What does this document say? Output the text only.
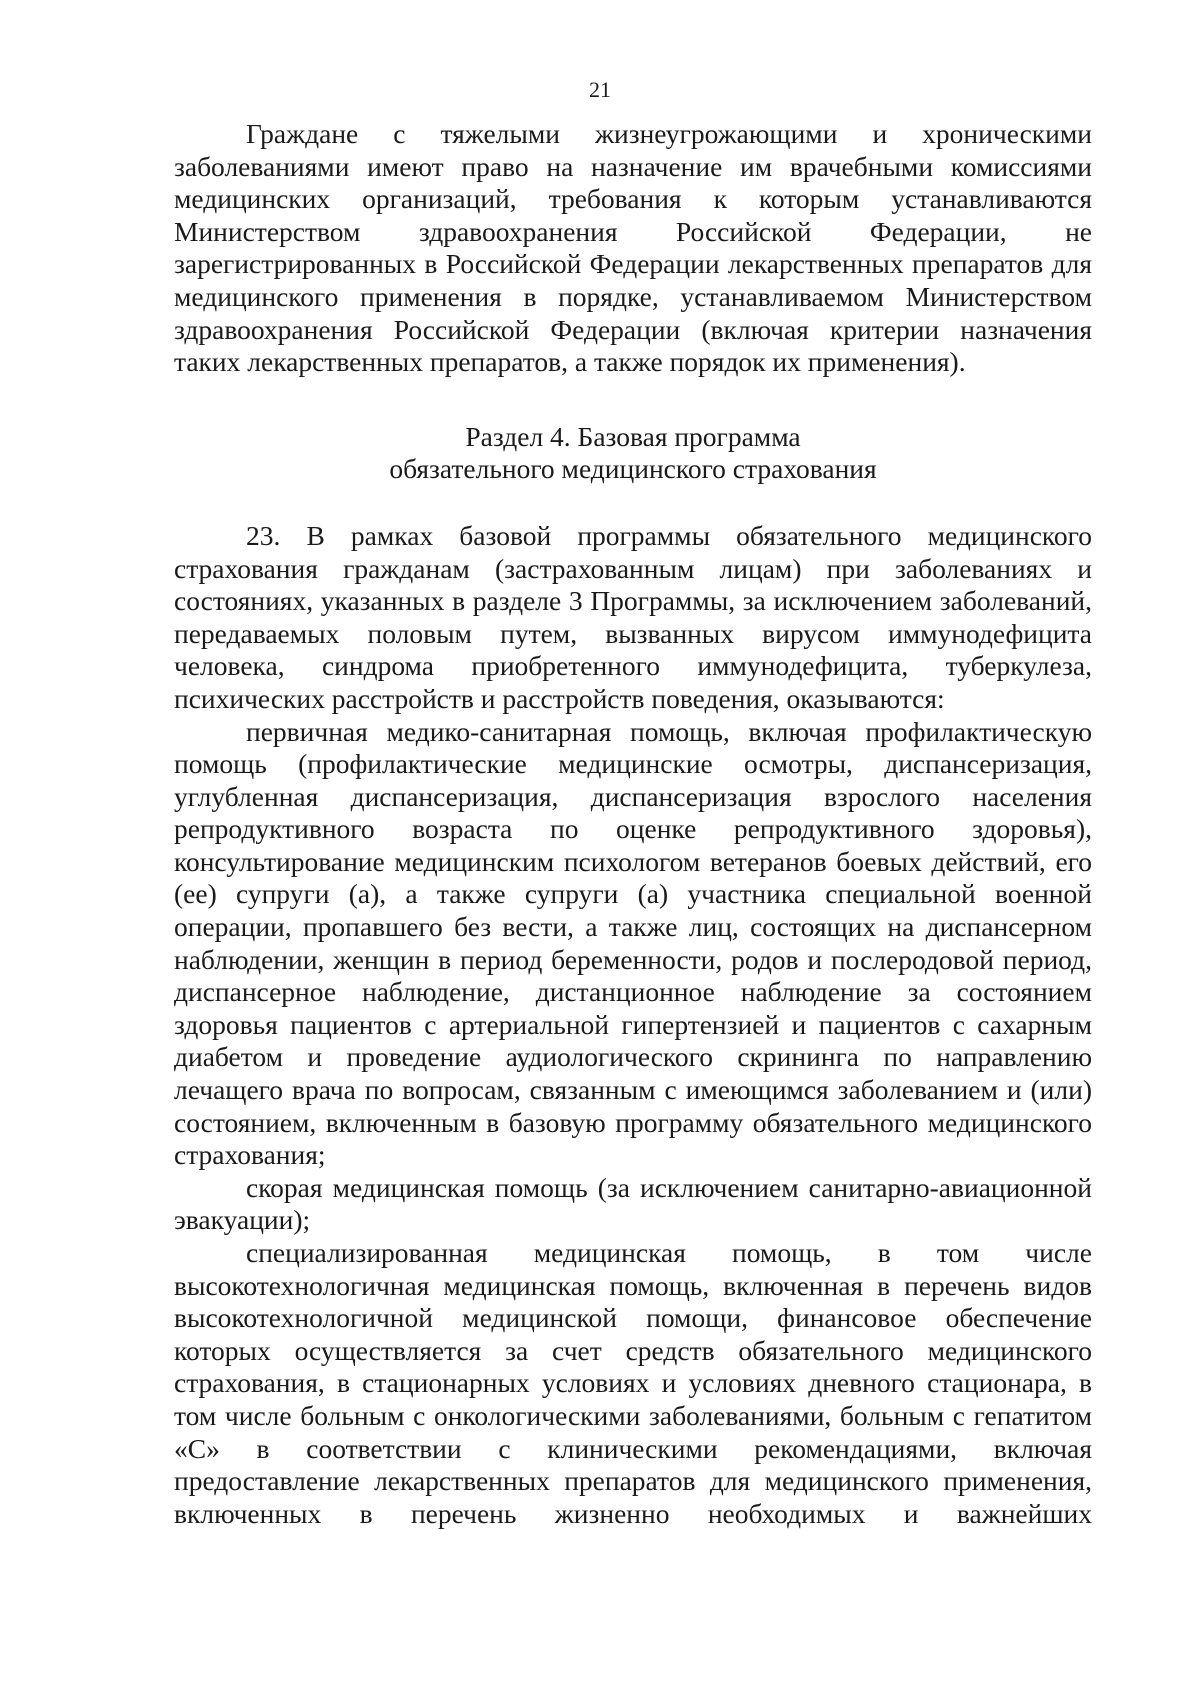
21

Граждане с тяжелыми жизнеугрожающими и хроническими заболеваниями имеют право на назначение им врачебными комиссиями медицинских организаций, требования к которым устанавливаются Министерством здравоохранения Российской Федерации, не зарегистрированных в Российской Федерации лекарственных препаратов для медицинского применения в порядке, устанавливаемом Министерством здравоохранения Российской Федерации (включая критерии назначения таких лекарственных препаратов, а также порядок их применения).

Раздел 4. Базовая программа
обязательного медицинского страхования

23. В рамках базовой программы обязательного медицинского страхования гражданам (застрахованным лицам) при заболеваниях и состояниях, указанных в разделе 3 Программы, за исключением заболеваний, передаваемых половым путем, вызванных вирусом иммунодефицита человека, синдрома приобретенного иммунодефицита, туберкулеза, психических расстройств и расстройств поведения, оказываются:

первичная медико-санитарная помощь, включая профилактическую помощь (профилактические медицинские осмотры, диспансеризация, углубленная диспансеризация, диспансеризация взрослого населения репродуктивного возраста по оценке репродуктивного здоровья), консультирование медицинским психологом ветеранов боевых действий, его (ее) супруги (а), а также супруги (а) участника специальной военной операции, пропавшего без вести, а также лиц, состоящих на диспансерном наблюдении, женщин в период беременности, родов и послеродовой период, диспансерное наблюдение, дистанционное наблюдение за состоянием здоровья пациентов с артериальной гипертензией и пациентов с сахарным диабетом и проведение аудиологического скрининга по направлению лечащего врача по вопросам, связанным с имеющимся заболеванием и (или) состоянием, включенным в базовую программу обязательного медицинского страхования;

скорая медицинская помощь (за исключением санитарно-авиационной эвакуации);

специализированная медицинская помощь, в том числе высокотехнологичная медицинская помощь, включенная в перечень видов высокотехнологичной медицинской помощи, финансовое обеспечение которых осуществляется за счет средств обязательного медицинского страхования, в стационарных условиях и условиях дневного стационара, в том числе больным с онкологическими заболеваниями, больным с гепатитом «С» в соответствии с клиническими рекомендациями, включая предоставление лекарственных препаратов для медицинского применения, включенных в перечень жизненно необходимых и важнейших
